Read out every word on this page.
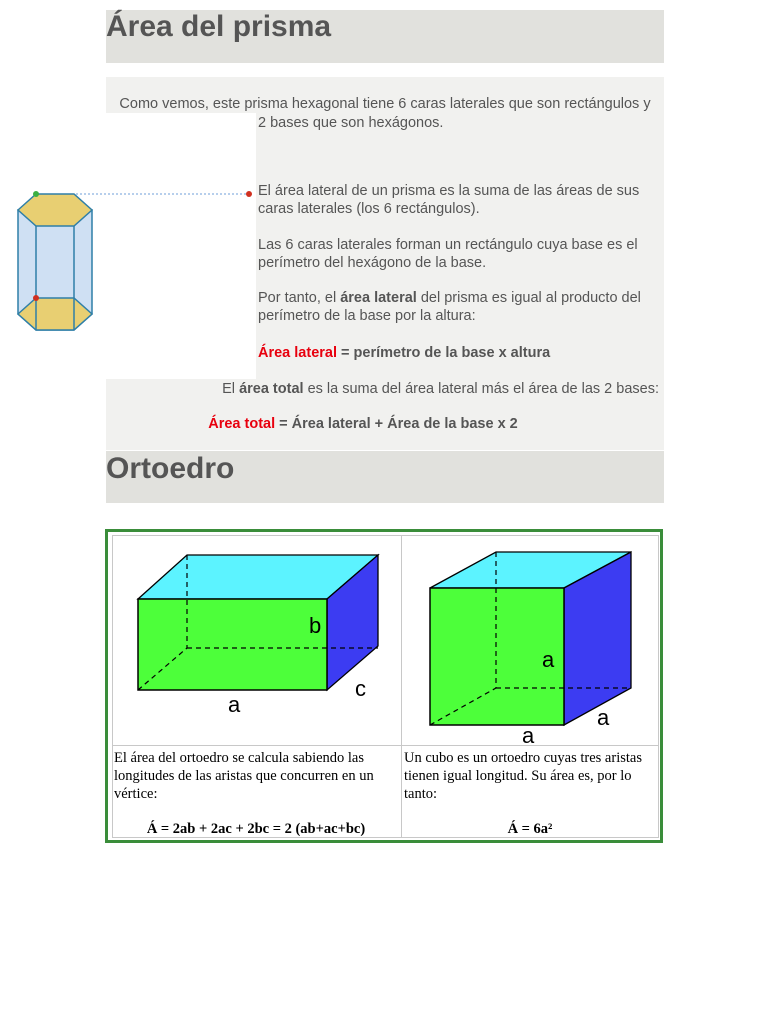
Área del prisma
Como vemos, este prisma hexagonal tiene 6 caras laterales que son rectángulos y
2 bases que son hexágonos.
El área lateral de un prisma es la suma de las áreas de sus caras laterales (los 6 rectángulos).
Las 6 caras laterales forman un rectángulo cuya base es el perímetro del hexágono de la base.
Por tanto, el área lateral del prisma es igual al producto del perímetro de la base por la altura:
Área lateral = perímetro de la base x altura
El área total es la suma del área lateral más el área de las 2 bases:
Área total = Área lateral + Área de la base x 2
Ortoedro
b
c
a
a
a
a
El área del ortoedro se calcula sabiendo las longitudes de las aristas que concurren en un vértice:
Á = 2ab + 2ac + 2bc = 2 (ab+ac+bc)
Un cubo es un ortoedro cuyas tres aristas tienen igual longitud. Su área es, por lo tanto:
Á = 6a²
